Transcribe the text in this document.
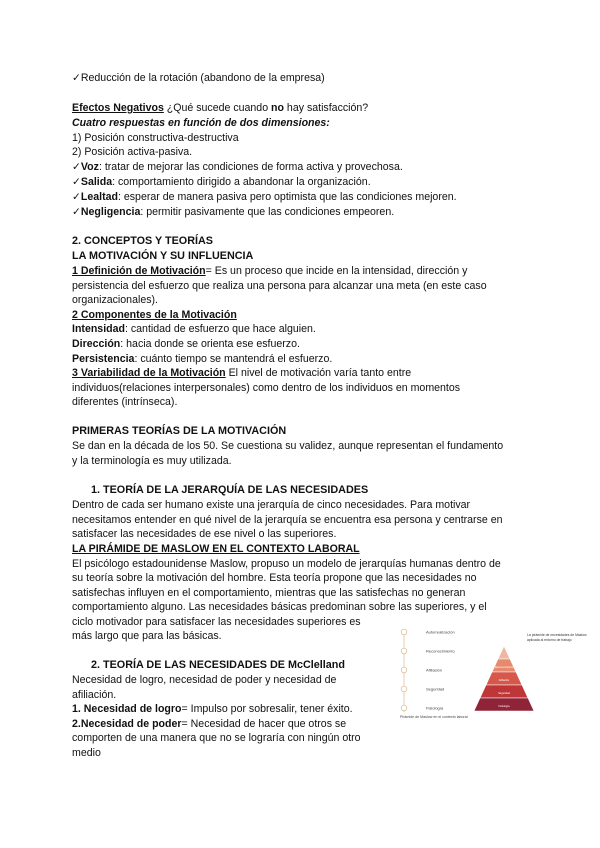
✓Reducción de la rotación (abandono de la empresa)
Efectos Negativos ¿Qué sucede cuando no hay satisfacción?
Cuatro respuestas en función de dos dimensiones:
1) Posición constructiva-destructiva
2) Posición activa-pasiva.
✓Voz: tratar de mejorar las condiciones de forma activa y provechosa.
✓Salida: comportamiento dirigido a abandonar la organización.
✓Lealtad: esperar de manera pasiva pero optimista que las condiciones mejoren.
✓Negligencia: permitir pasivamente que las condiciones empeoren.
2. CONCEPTOS Y TEORÍAS
LA MOTIVACIÓN Y SU INFLUENCIA
1 Definición de Motivación= Es un proceso que incide en la intensidad, dirección y
persistencia del esfuerzo que realiza una persona para alcanzar una meta (en este caso
organizacionales).
2 Componentes de la Motivación
Intensidad: cantidad de esfuerzo que hace alguien.
Dirección: hacia donde se orienta ese esfuerzo.
Persistencia: cuánto tiempo se mantendrá el esfuerzo.
3 Variabilidad de la Motivación El nivel de motivación varía tanto entre
individuos(relaciones interpersonales) como dentro de los individuos en momentos
diferentes (intrínseca).
PRIMERAS TEORÍAS DE LA MOTIVACIÓN
Se dan en la década de los 50. Se cuestiona su validez, aunque representan el fundamento
y la terminología es muy utilizada.
1. TEORÍA DE LA JERARQUÍA DE LAS NECESIDADES
Dentro de cada ser humano existe una jerarquía de cinco necesidades. Para motivar
necesitamos entender en qué nivel de la jerarquía se encuentra esa persona y centrarse en
satisfacer las necesidades de ese nivel o las superiores.
LA PIRÁMIDE DE MASLOW EN EL CONTEXTO LABORAL
El psicólogo estadounidense Maslow, propuso un modelo de jerarquías humanas dentro de
su teoría sobre la motivación del hombre. Esta teoría propone que las necesidades no
satisfechas influyen en el comportamiento, mientras que las satisfechas no generan
comportamiento alguno. Las necesidades básicas predominan sobre las superiores, y el
ciclo motivador para satisfacer las necesidades superiores es
más largo que para las básicas.
2. TEORÍA DE LAS NECESIDADES DE McClelland
Necesidad de logro, necesidad de poder y necesidad de
afiliación.
1. Necesidad de logro= Impulso por sobresalir, tener éxito.
2.Necesidad de poder= Necesidad de hacer que otros se
comporten de una manera que no se lograría con ningún otro
medio
Autorrealización
Reconocimiento
Afiliación
Seguridad
Fisiología
Reconocimiento
Afiliación
Seguridad
Fisiología
La pirámide de necesidades de Maslow aplicada al entorno de trabajo
Pirámide de Maslow en el contexto laboral
